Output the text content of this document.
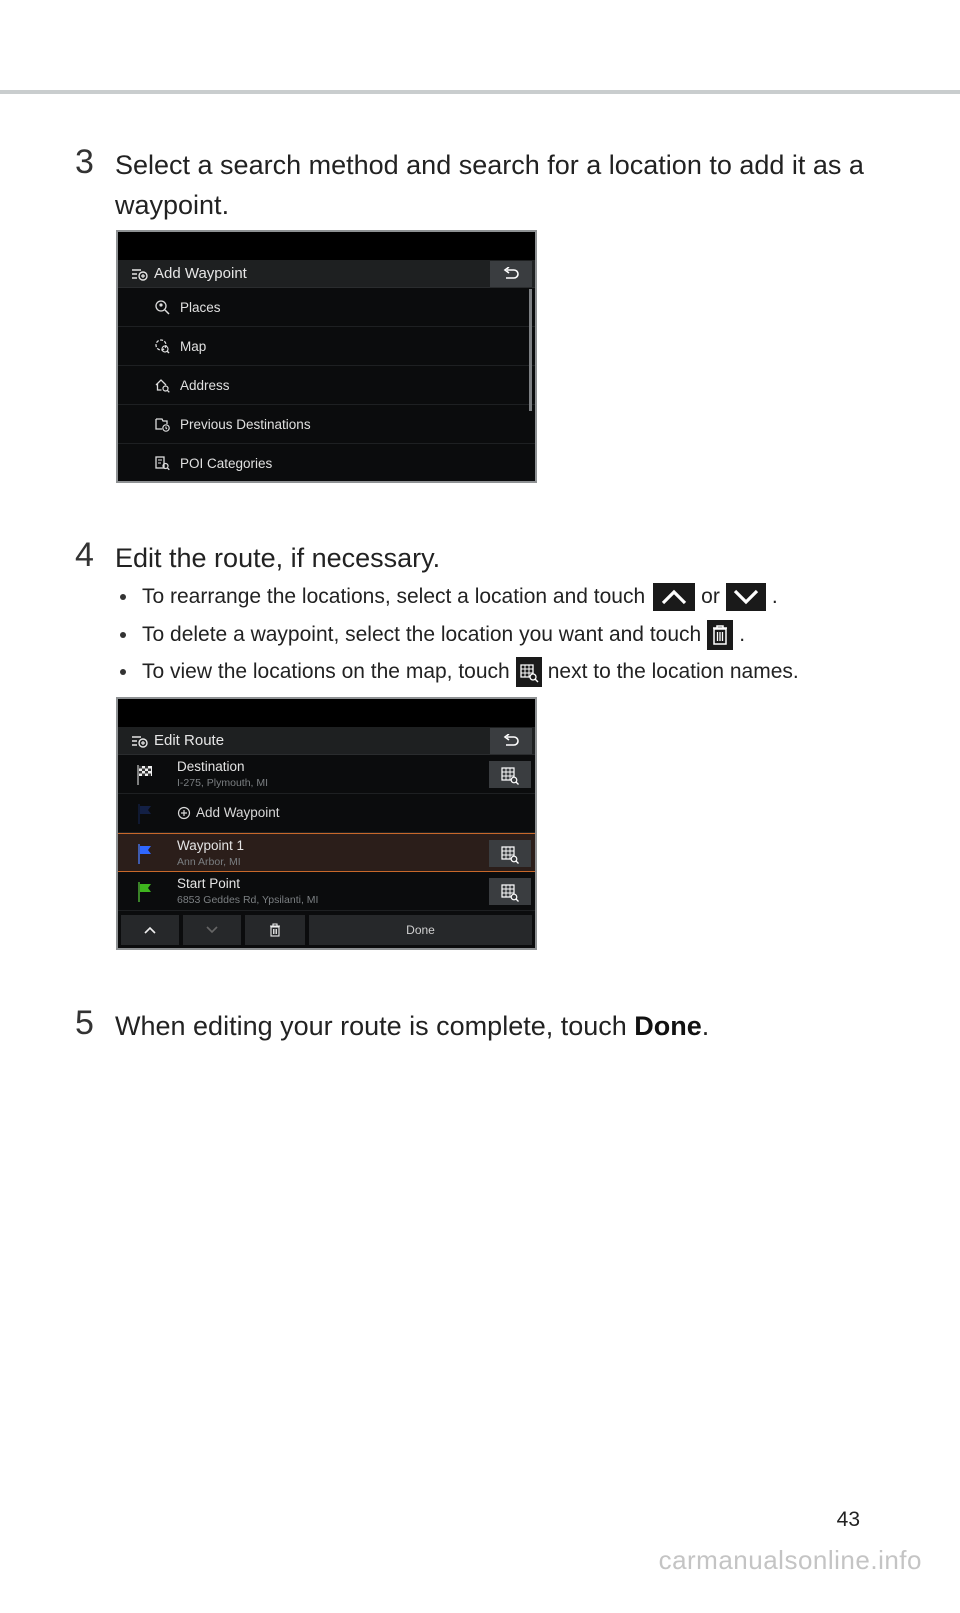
3 Select a search method and search for a location to add it as a waypoint.
Add Waypoint
Places
Map
Address
Previous Destinations
POI Categories
4 Edit the route, if necessary.
To rearrange the locations, select a location and touch	or .
To delete a waypoint, select the location you want and touch .
To view the locations on the map, touch next to the location names.
Edit Route
Destination
I-275, Plymouth, MI
Add Waypoint
Waypoint 1
Ann Arbor, MI
Start Point
6853 Geddes Rd, Ypsilanti, MI
Done
5 When editing your route is complete, touch Done.
43
carmanualsonline.info
